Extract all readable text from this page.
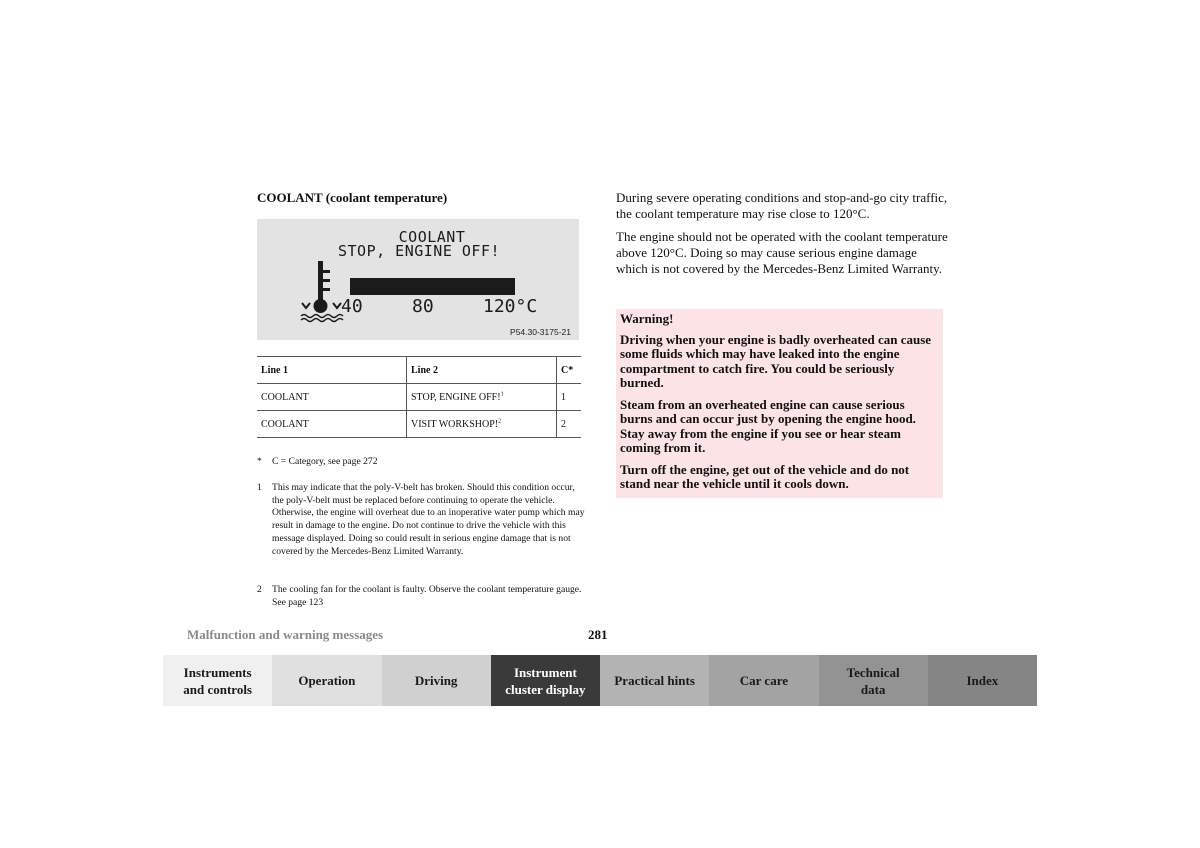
COOLANT (coolant temperature)
COOLANT
STOP, ENGINE OFF!
40	80	120°C
P54.30-3175-21
Line 1	Line 2	C*
COOLANT	STOP, ENGINE OFF!$^1$	1
COOLANT	VISIT WORKSHOP!$^2$	2
*	C = Category, see page 272
1	This may indicate that the poly-V-belt has broken. Should this condition occur, the poly-V-belt must be replaced before continuing to operate the vehicle. Otherwise, the engine will overheat due to an inoperative water pump which may result in damage to the engine. Do not continue to drive the vehicle with this message displayed. Doing so could result in serious engine damage that is not covered by the Mercedes-Benz Limited Warranty.
2	The cooling fan for the coolant is faulty. Observe the coolant temperature gauge. See page 123
During severe operating conditions and stop-and-go city traffic, the coolant temperature may rise close to 120°C.
The engine should not be operated with the coolant temperature above 120°C. Doing so may cause serious engine damage which is not covered by the Mercedes-Benz Limited Warranty.

Warning!

Driving when your engine is badly overheated can cause some fluids which may have leaked into the engine compartment to catch fire. You could be seriously burned.

Steam from an overheated engine can cause serious burns and can occur just by opening the engine hood. Stay away from the engine if you see or hear steam coming from it.

Turn off the engine, get out of the vehicle and do not stand near the vehicle until it cools down.

Malfunction and warning messages	281
Instruments and controls
Operation	Driving
Instrument cluster display
Practical hints	Car care
Technical data
Index
